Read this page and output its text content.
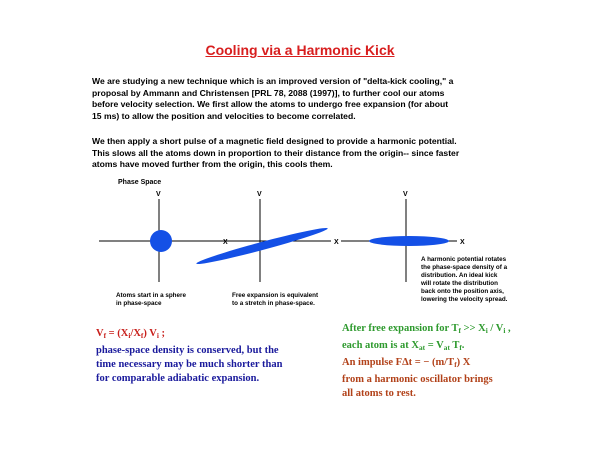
Cooling via a Harmonic Kick
We are studying a new technique which is an improved version of "delta-kick cooling," a
proposal by Ammann and Christensen [PRL 78, 2088 (1997)], to further cool our atoms
before velocity selection. We first allow the atoms to undergo free expansion (for about
15 ms) to allow the position and velocities to become correlated.
We then apply a short pulse of a magnetic field designed to provide a harmonic potential.
This slows all the atoms down in proportion to their distance from the origin-- since faster
atoms have moved further from the origin, this cools them.
Phase Space
V
X
V
X
V
X
Atoms start in a sphere
in phase-space
Free expansion is equivalent
to a stretch in phase-space.
A harmonic potential rotates
the phase-space density of a
distribution. An ideal kick
will rotate the distribution
back onto the position axis,
lowering the velocity spread.
$V_f = (X_i/X_f)$ $V_i$ ;
phase-space density is conserved, but the
time necessary may be much shorter than
for comparable adiabatic expansion.
After free expansion for $T_f >> X_i / V_i$ ,
each atom is at $X_{at} = V_{at}$ $T_f$.
An impulse FΔt = − $(m/T_f)$ X
from a harmonic oscillator brings
all atoms to rest.
